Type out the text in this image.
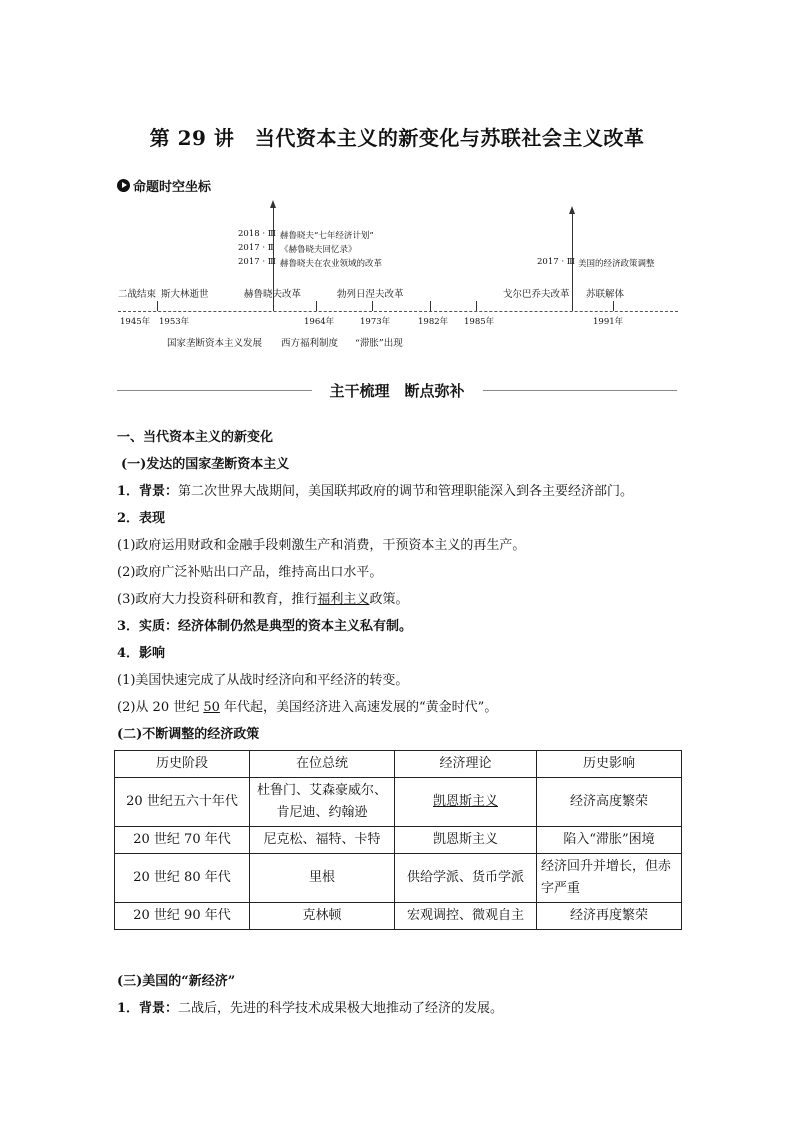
第 29 讲　当代资本主义的新变化与苏联社会主义改革
命题时空坐标
2018 · Ⅲ 赫鲁晓夫“七年经济计划”
2017 · Ⅱ 《赫鲁晓夫回忆录》
2017 · Ⅲ 赫鲁晓夫在农业领域的改革	2017 · Ⅲ 美国的经济政策调整
二战结束 斯大林逝世	赫鲁晓夫改革	勃列日涅夫改革	戈尔巴乔夫改革 苏联解体
1945年 1953年	1964年	1973年	1982年 1985年	1991年
国家垄断资本主义发展 西方福利制度 “滞胀”出现
主干梳理　断点弥补
一、当代资本主义的新变化
(一)发达的国家垄断资本主义
1．背景：第二次世界大战期间，美国联邦政府的调节和管理职能深入到各主要经济部门。
2．表现
(1)政府运用财政和金融手段刺激生产和消费，干预资本主义的再生产。
(2)政府广泛补贴出口产品，维持高出口水平。
(3)政府大力投资科研和教育，推行福利主义政策。
3．实质：经济体制仍然是典型的资本主义私有制。
4．影响
(1)美国快速完成了从战时经济向和平经济的转变。
(2)从 20 世纪 50 年代起，美国经济进入高速发展的“黄金时代”。
(二)不断调整的经济政策
历史阶段	在位总统	经济理论	历史影响
20 世纪五六十年代	杜鲁门、艾森豪威尔、肯尼迪、约翰逊	凯恩斯主义	经济高度繁荣
20 世纪 70 年代	尼克松、福特、卡特	凯恩斯主义	陷入“滞胀”困境
20 世纪 80 年代	里根	供给学派、货币学派	经济回升并增长，但赤字严重
20 世纪 90 年代	克林顿	宏观调控、微观自主	经济再度繁荣
(三)美国的“新经济”
1．背景：二战后，先进的科学技术成果极大地推动了经济的发展。
